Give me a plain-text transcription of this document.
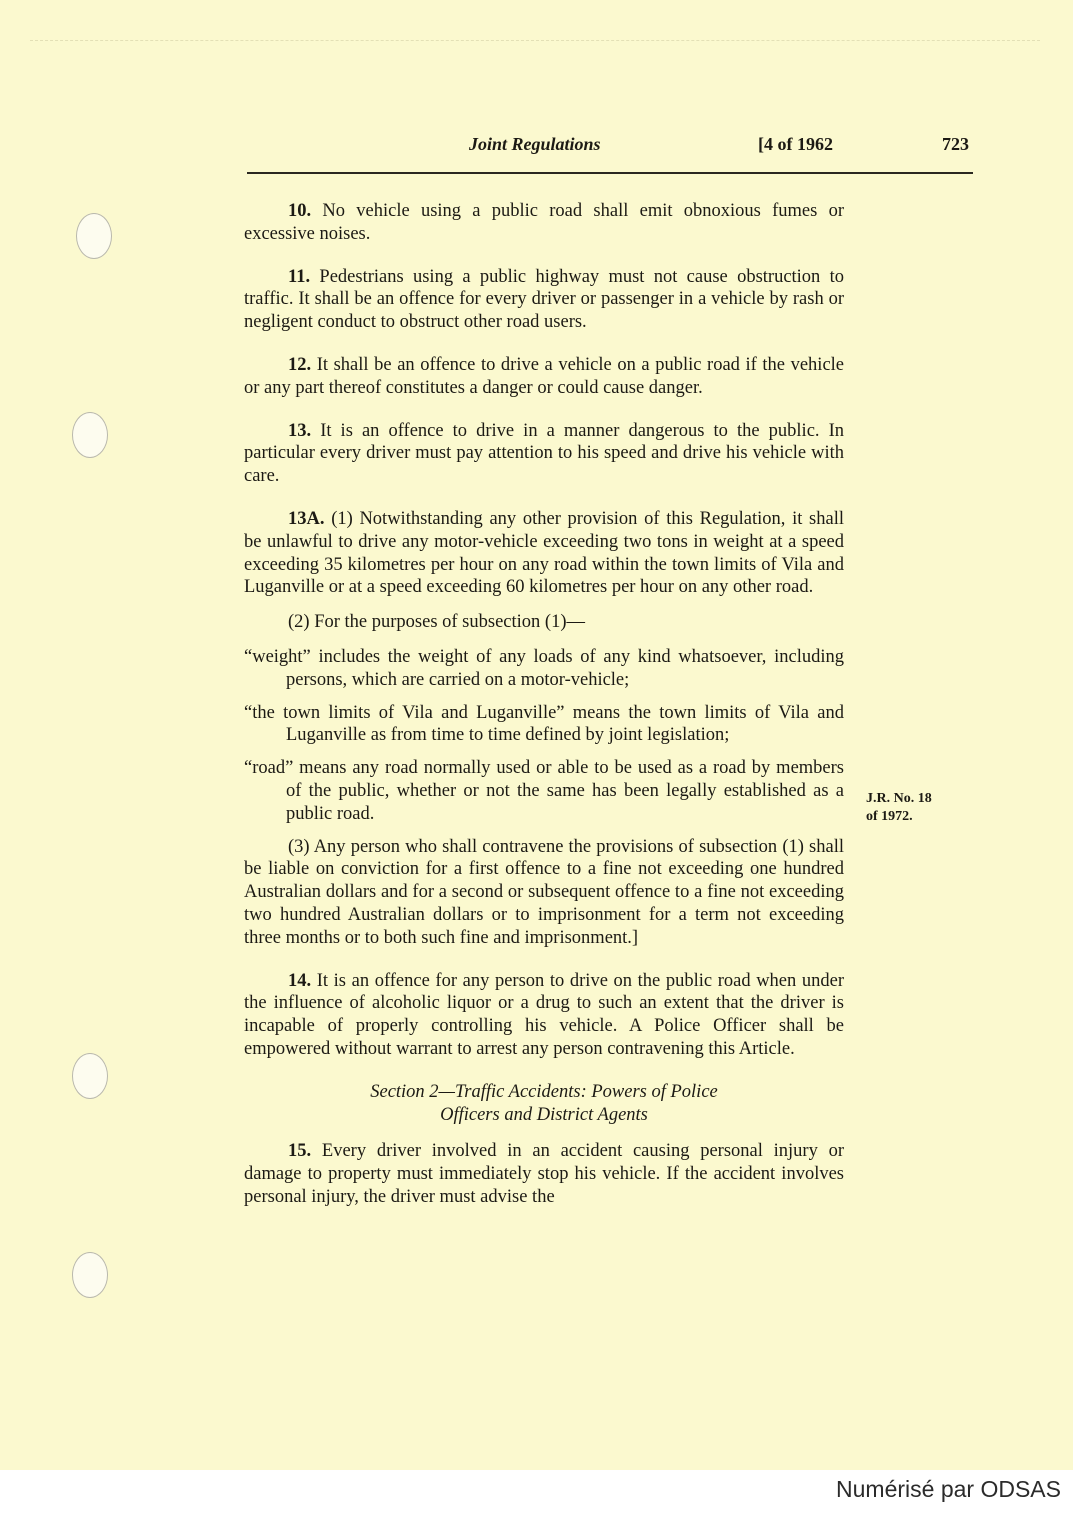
Joint Regulations	[4 of 1962	723

10. No vehicle using a public road shall emit obnoxious fumes or excessive noises.

11. Pedestrians using a public highway must not cause obstruction to traffic. It shall be an offence for every driver or passenger in a vehicle by rash or negligent conduct to obstruct other road users.

12. It shall be an offence to drive a vehicle on a public road if the vehicle or any part thereof constitutes a danger or could cause danger.

13. It is an offence to drive in a manner dangerous to the public. In particular every driver must pay attention to his speed and drive his vehicle with care.

13A. (1) Notwithstanding any other provision of this Regulation, it shall be unlawful to drive any motor-vehicle exceeding two tons in weight at a speed exceeding 35 kilometres per hour on any road within the town limits of Vila and Luganville or at a speed exceeding 60 kilometres per hour on any other road.

(2) For the purposes of subsection (1)—

“weight” includes the weight of any loads of any kind whatsoever, including persons, which are carried on a motor-vehicle;

“the town limits of Vila and Luganville” means the town limits of Vila and Luganville as from time to time defined by joint legislation;

“road” means any road normally used or able to be used as a road by members of the public, whether or not the same has been legally established as a public road.

(3) Any person who shall contravene the provisions of subsection (1) shall be liable on conviction for a first offence to a fine not exceeding one hundred Australian dollars and for a second or subsequent offence to a fine not exceeding two hundred Australian dollars or to imprisonment for a term not exceeding three months or to both such fine and imprisonment.]

14. It is an offence for any person to drive on the public road when under the influence of alcoholic liquor or a drug to such an extent that the driver is incapable of properly controlling his vehicle. A Police Officer shall be empowered without warrant to arrest any person contravening this Article.

Section 2—Traffic Accidents: Powers of Police
Officers and District Agents

15. Every driver involved in an accident causing personal injury or damage to property must immediately stop his vehicle. If the accident involves personal injury, the driver must advise the

J.R. No. 18
of 1972.
Numérisé par ODSAS
